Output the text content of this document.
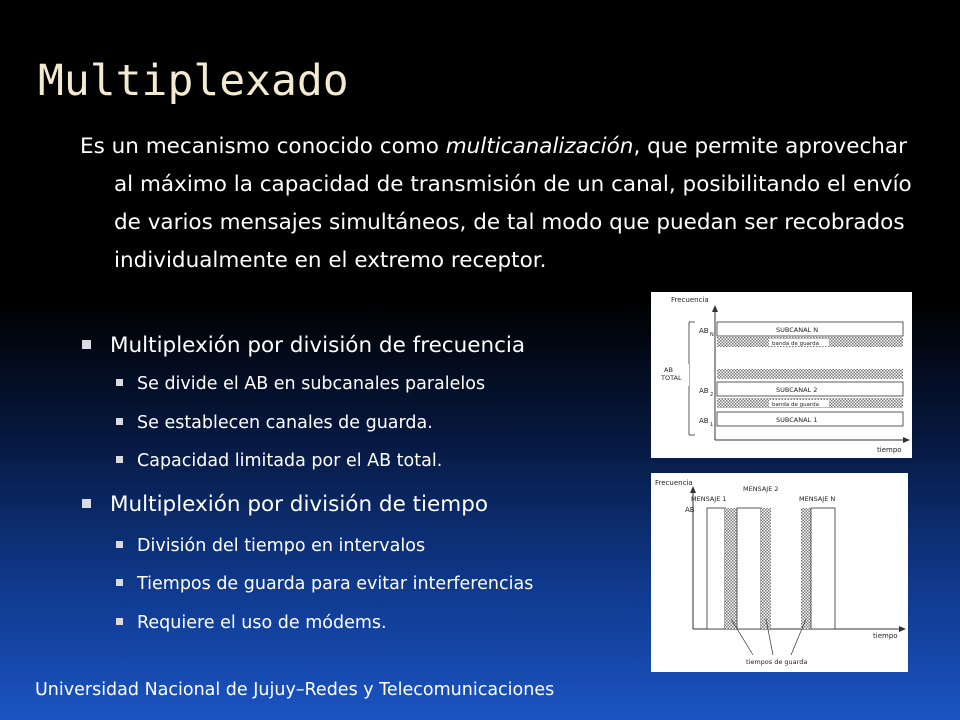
Multiplexado
Es un mecanismo conocido como multicanalización, que permite aprovechar al máximo la capacidad de transmisión de un canal, posibilitando el envío de varios mensajes simultáneos, de tal modo que puedan ser recobrados individualmente en el extremo receptor.
Multiplexión por división de frecuencia
Se divide el AB en subcanales paralelos
Se establecen canales de guarda.
Capacidad limitada por el AB total.
Multiplexión por división de tiempo
División del tiempo en intervalos
Tiempos de guarda para evitar interferencias
Requiere el uso de módems.
Universidad Nacional de Jujuy–Redes y Telecomunicaciones
Frecuencia
tiempo
AB
TOTAL
AB N
AB 2
AB 1
SUBCANAL N
banda de guarda
SUBCANAL 2
banda de guarda
SUBCANAL 1
Frecuencia
tiempo
AB
MENSAJE 1
MENSAJE 2
MENSAJE N
tiempos de guarda
